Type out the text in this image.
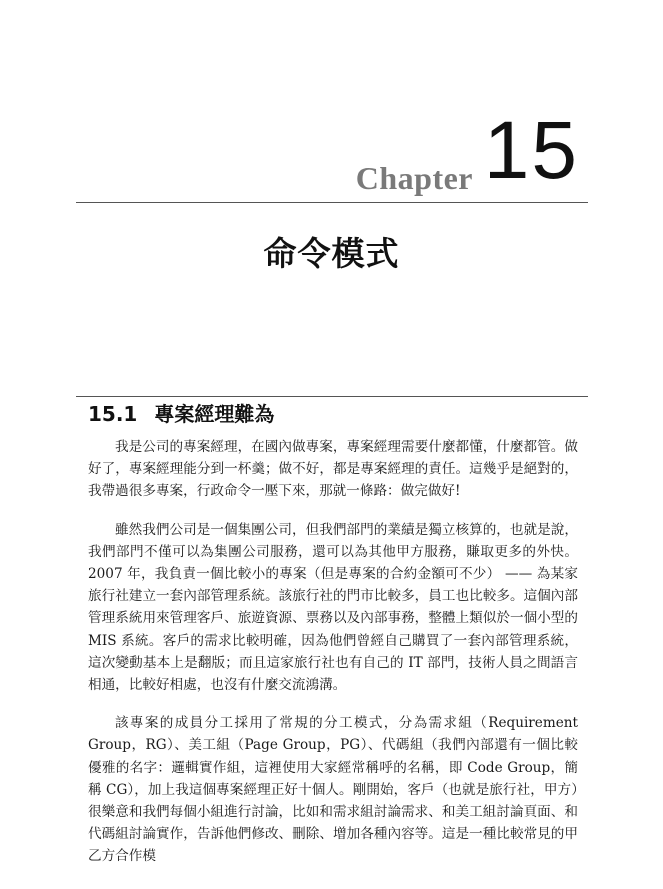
Chapter 15
命令模式
15.1 專案經理難為

我是公司的專案經理，在國內做專案，專案經理需要什麼都懂，什麼都管。做好了，專案經理能分到一杯羹；做不好，都是專案經理的責任。這幾乎是絕對的，我帶過很多專案，行政命令一壓下來，那就一條路：做完做好!

雖然我們公司是一個集團公司，但我們部門的業績是獨立核算的，也就是說，我們部門不僅可以為集團公司服務，還可以為其他甲方服務，賺取更多的外快。2007 年，我負責一個比較小的專案（但是專案的合約金額可不少） —— 為某家旅行社建立一套內部管理系統。該旅行社的門市比較多，員工也比較多。這個內部管理系統用來管理客戶、旅遊資源、票務以及內部事務，整體上類似於一個小型的 MIS 系統。客戶的需求比較明確，因為他們曾經自己購買了一套內部管理系統，這次變動基本上是翻版；而且這家旅行社也有自己的 IT 部門，技術人員之間語言相通，比較好相處，也沒有什麼交流鴻溝。

該專案的成員分工採用了常規的分工模式，分為需求組（Requirement Group，RG）、美工組（Page Group，PG）、代碼組（我們內部還有一個比較優雅的名字：邏輯實作組，這裡使用大家經常稱呼的名稱，即 Code Group，簡稱 CG），加上我這個專案經理正好十個人。剛開始，客戶（也就是旅行社，甲方）很樂意和我們每個小組進行討論，比如和需求組討論需求、和美工組討論頁面、和代碼組討論實作，告訴他們修改、刪除、增加各種內容等。這是一種比較常見的甲乙方合作模
